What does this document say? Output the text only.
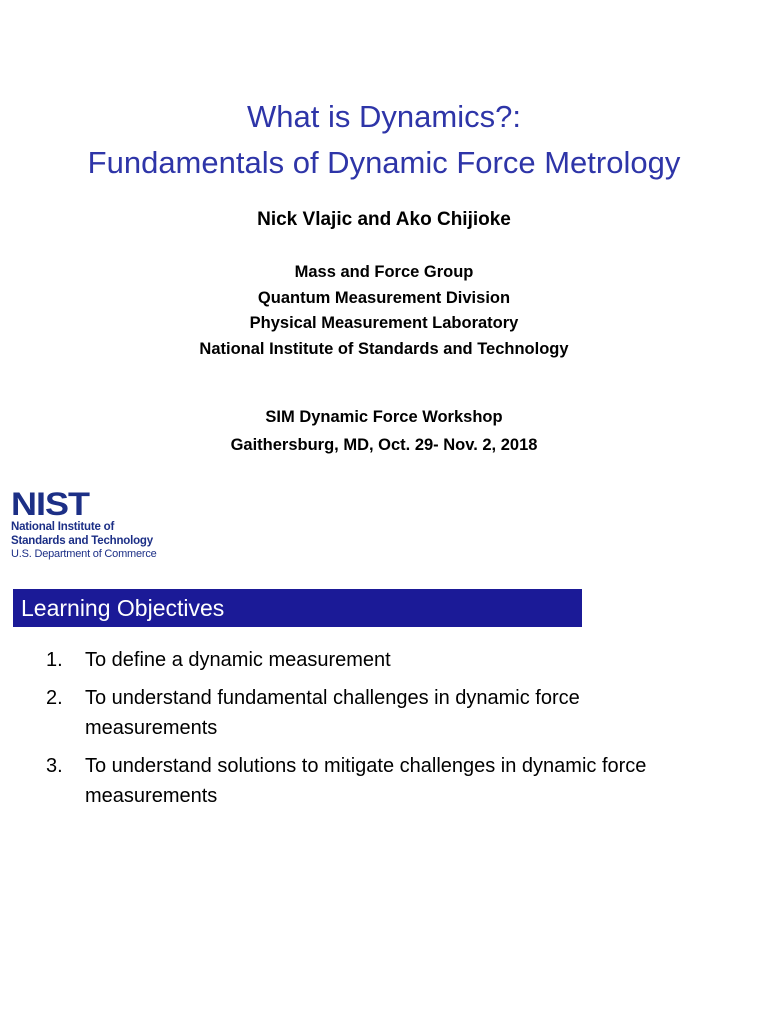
What is Dynamics?:
Fundamentals of Dynamic Force Metrology
Nick Vlajic and Ako Chijioke
Mass and Force Group
Quantum Measurement Division
Physical Measurement Laboratory
National Institute of Standards and Technology
SIM Dynamic Force Workshop
Gaithersburg, MD, Oct. 29- Nov. 2, 2018
NIST
National Institute of
Standards and Technology
U.S. Department of Commerce
Learning Objectives
1. To define a dynamic measurement
2. To understand fundamental challenges in dynamic force measurements
3. To understand solutions to mitigate challenges in dynamic force measurements
